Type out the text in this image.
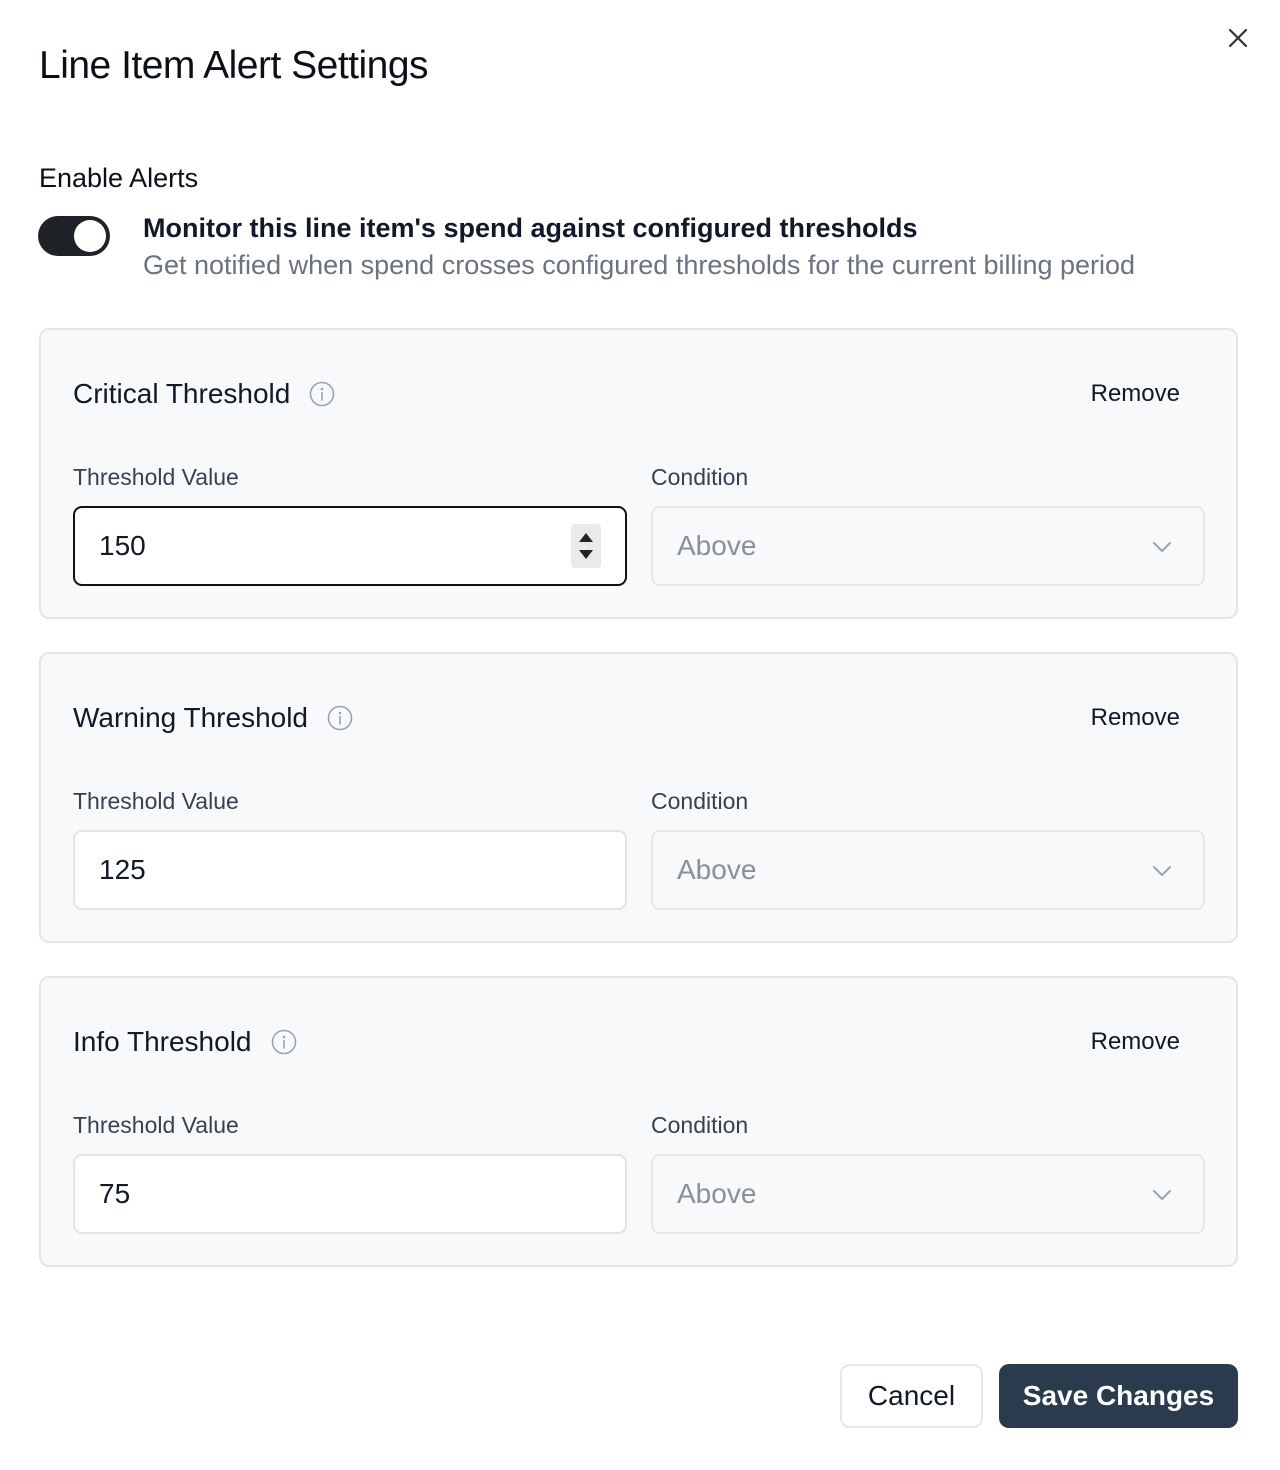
Line Item Alert Settings
Enable Alerts
Monitor this line item's spend against configured thresholds
Get notified when spend crosses configured thresholds for the current billing period
Critical Threshold	Remove
Threshold Value	Condition
150	Above
Warning Threshold	Remove
Threshold Value	Condition
125	Above
Info Threshold	Remove
Threshold Value	Condition
75	Above
Cancel	Save Changes
